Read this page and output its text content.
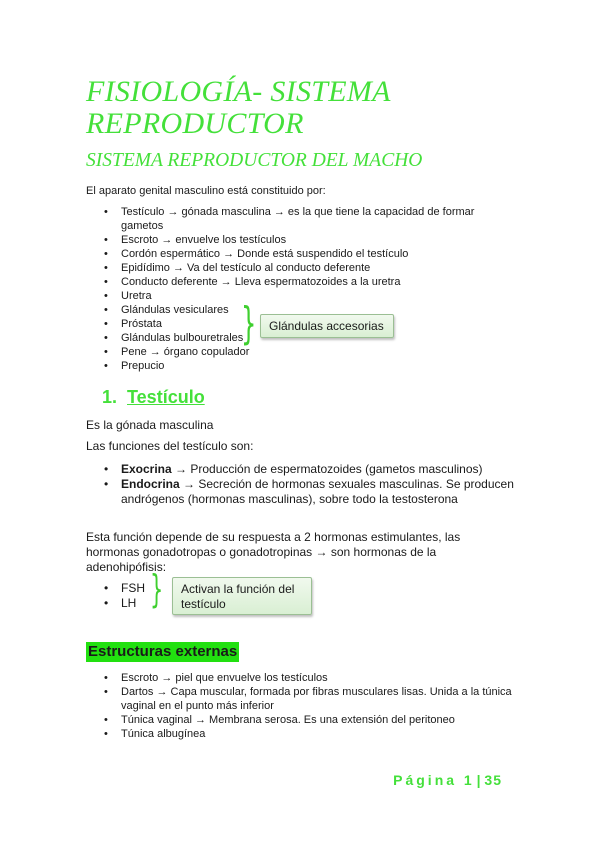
FISIOLOGÍA- SISTEMA REPRODUCTOR
SISTEMA REPRODUCTOR DEL MACHO

El aparato genital masculino está constituido por:

• Testículo → gónada masculina → es la que tiene la capacidad de formar gametos
• Escroto → envuelve los testículos
• Cordón espermático → Donde está suspendido el testículo
• Epidídimo → Va del testículo al conducto deferente
• Conducto deferente → Lleva espermatozoides a la uretra
• Uretra
• Glándulas vesiculares
• Próstata
• Glándulas bulbouretrales
• Pene → órgano copulador
• Prepucio
}	Glándulas accesorias
1. Testículo

Es la gónada masculina

Las funciones del testículo son:

• Exocrina → Producción de espermatozoides (gametos masculinos)
• Endocrina → Secreción de hormonas sexuales masculinas. Se producen andrógenos (hormonas masculinas), sobre todo la testosterona

Esta función depende de su respuesta a 2 hormonas estimulantes, las hormonas gonadotropas o gonadotropinas → son hormonas de la adenohipófisis:

• FSH
• LH }	Activan la función del testículo
Estructuras externas
• Escroto → piel que envuelve los testículos
• Dartos → Capa muscular, formada por fibras musculares lisas. Unida a la túnica vaginal en el punto más inferior
• Túnica vaginal → Membrana serosa. Es una extensión del peritoneo
• Túnica albugínea
Página 1 | 35
